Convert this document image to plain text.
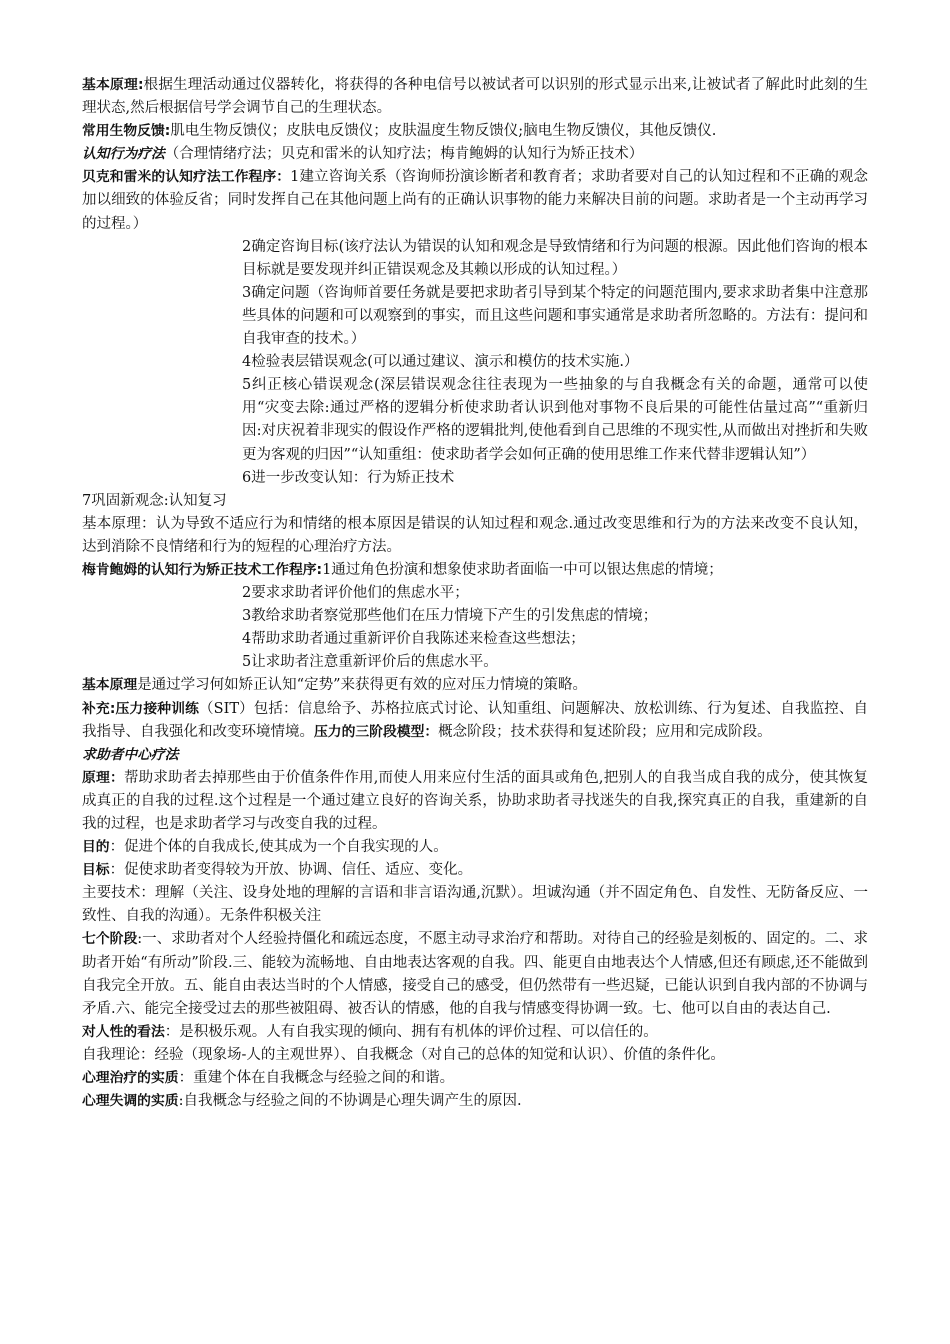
基本原理:根据生理活动通过仪器转化，将获得的各种电信号以被试者可以识别的形式显示出来,让被试者了解此时此刻的生理状态,然后根据信号学会调节自己的生理状态。

常用生物反馈:肌电生物反馈仪；皮肤电反馈仪；皮肤温度生物反馈仪;脑电生物反馈仪，其他反馈仪.

认知行为疗法（合理情绪疗法；贝克和雷米的认知疗法；梅肯鲍姆的认知行为矫正技术）

贝克和雷米的认知疗法工作程序：1建立咨询关系（咨询师扮演诊断者和教育者；求助者要对自己的认知过程和不正确的观念加以细致的体验反省；同时发挥自己在其他问题上尚有的正确认识事物的能力来解决目前的问题。求助者是一个主动再学习的过程。）

2确定咨询目标(该疗法认为错误的认知和观念是导致情绪和行为问题的根源。因此他们咨询的根本目标就是要发现并纠正错误观念及其赖以形成的认知过程。）

3确定问题（咨询师首要任务就是要把求助者引导到某个特定的问题范围内,要求求助者集中注意那些具体的问题和可以观察到的事实，而且这些问题和事实通常是求助者所忽略的。方法有：提问和自我审查的技术。）

4检验表层错误观念(可以通过建议、演示和模仿的技术实施.）

5纠正核心错误观念(深层错误观念往往表现为一些抽象的与自我概念有关的命题，通常可以使用“灾变去除:通过严格的逻辑分析使求助者认识到他对事物不良后果的可能性估量过高”“重新归因:对庆祝着非现实的假设作严格的逻辑批判,使他看到自己思维的不现实性,从而做出对挫折和失败更为客观的归因”“认知重组：使求助者学会如何正确的使用思维工作来代替非逻辑认知”）

6进一步改变认知：行为矫正技术

7巩固新观念:认知复习

基本原理：认为导致不适应行为和情绪的根本原因是错误的认知过程和观念.通过改变思维和行为的方法来改变不良认知，达到消除不良情绪和行为的短程的心理治疗方法。

梅肯鲍姆的认知行为矫正技术工作程序:1通过角色扮演和想象使求助者面临一中可以银达焦虑的情境；

2要求求助者评价他们的焦虑水平；

3教给求助者察觉那些他们在压力情境下产生的引发焦虑的情境；

4帮助求助者通过重新评价自我陈述来检查这些想法；

5让求助者注意重新评价后的焦虑水平。

基本原理是通过学习何如矫正认知“定势”来获得更有效的应对压力情境的策略。

补充:压力接种训练（SIT）包括：信息给予、苏格拉底式讨论、认知重组、问题解决、放松训练、行为复述、自我监控、自我指导、自我强化和改变环境情境。压力的三阶段模型：概念阶段；技术获得和复述阶段；应用和完成阶段。

求助者中心疗法

原理：帮助求助者去掉那些由于价值条件作用,而使人用来应付生活的面具或角色,把别人的自我当成自我的成分，使其恢复成真正的自我的过程.这个过程是一个通过建立良好的咨询关系，协助求助者寻找迷失的自我,探究真正的自我，重建新的自我的过程，也是求助者学习与改变自我的过程。

目的：促进个体的自我成长,使其成为一个自我实现的人。

目标：促使求助者变得较为开放、协调、信任、适应、变化。

主要技术：理解（关注、设身处地的理解的言语和非言语沟通,沉默）。坦诚沟通（并不固定角色、自发性、无防备反应、一致性、自我的沟通）。无条件积极关注

七个阶段:一、求助者对个人经验持僵化和疏远态度，不愿主动寻求治疗和帮助。对待自己的经验是刻板的、固定的。二、求助者开始“有所动”阶段.三、能较为流畅地、自由地表达客观的自我。四、能更自由地表达个人情感,但还有顾虑,还不能做到自我完全开放。五、能自由表达当时的个人情感，接受自己的感受，但仍然带有一些迟疑，已能认识到自我内部的不协调与矛盾.六、能完全接受过去的那些被阻碍、被否认的情感，他的自我与情感变得协调一致。七、他可以自由的表达自己.

对人性的看法：是积极乐观。人有自我实现的倾向、拥有有机体的评价过程、可以信任的。

自我理论：经验（现象场-人的主观世界）、自我概念（对自己的总体的知觉和认识）、价值的条件化。

心理治疗的实质：重建个体在自我概念与经验之间的和谐。

心理失调的实质:自我概念与经验之间的不协调是心理失调产生的原因.
